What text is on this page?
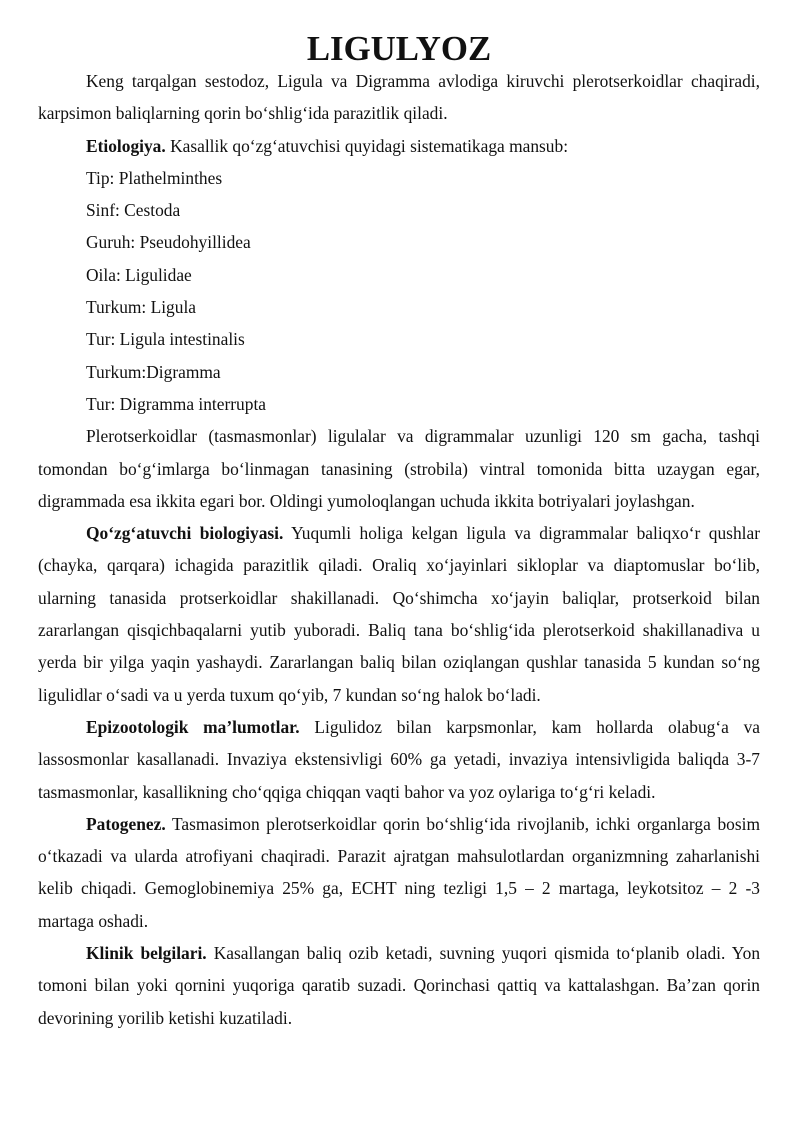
LIGULYOZ

Keng tarqalgan sestodoz, Ligula va Digramma avlodiga kiruvchi plerotserkoidlar chaqiradi, karpsimon baliqlarning qorin bo‘shlig‘ida parazitlik qiladi.

Etiologiya. Kasallik qo‘zg‘atuvchisi quyidagi sistematikaga mansub:

Tip: Plathelminthes

Sinf: Cestoda

Guruh: Pseudohyillidea

Oila: Ligulidae

Turkum: Ligula

Tur: Ligula intestinalis

Turkum:Digramma

Tur: Digramma interrupta

Plerotserkoidlar (tasmasmonlar) ligulalar va digrammalar uzunligi 120 sm gacha, tashqi tomondan bo‘g‘imlarga bo‘linmagan tanasining (strobila) vintral tomonida bitta uzaygan egar, digrammada esa ikkita egari bor. Oldingi yumoloqlangan uchuda ikkita botriyalari joylashgan.

Qo‘zg‘atuvchi biologiyasi. Yuqumli holiga kelgan ligula va digrammalar baliqxo‘r qushlar (chayka, qarqara) ichagida parazitlik qiladi. Oraliq xo‘jayinlari sikloplar va diaptomuslar bo‘lib, ularning tanasida protserkoidlar shakillanadi. Qo‘shimcha xo‘jayin baliqlar, protserkoid bilan zararlangan qisqichbaqalarni yutib yuboradi. Baliq tana bo‘shlig‘ida plerotserkoid shakillanadiva u yerda bir yilga yaqin yashaydi. Zararlangan baliq bilan oziqlangan qushlar tanasida 5 kundan so‘ng ligulidlar o‘sadi va u yerda tuxum qo‘yib, 7 kundan so‘ng halok bo‘ladi.

Epizootologik ma’lumotlar. Ligulidoz bilan karpsmonlar, kam hollarda olabug‘a va lassosmonlar kasallanadi. Invaziya ekstensivligi 60% ga yetadi, invaziya intensivligida baliqda 3-7 tasmasmonlar, kasallikning cho‘qqiga chiqqan vaqti bahor va yoz oylariga to‘g‘ri keladi.

Patogenez. Tasmasimon plerotserkoidlar qorin bo‘shlig‘ida rivojlanib, ichki organlarga bosim o‘tkazadi va ularda atrofiyani chaqiradi. Parazit ajratgan mahsulotlardan organizmning zaharlanishi kelib chiqadi. Gemoglobinemiya 25% ga, ECHT ning tezligi 1,5 – 2 martaga, leykotsitoz – 2 -3 martaga oshadi.

Klinik belgilari. Kasallangan baliq ozib ketadi, suvning yuqori qismida to‘planib oladi. Yon tomoni bilan yoki qornini yuqoriga qaratib suzadi. Qorinchasi qattiq va kattalashgan. Ba’zan qorin devorining yorilib ketishi kuzatiladi.
